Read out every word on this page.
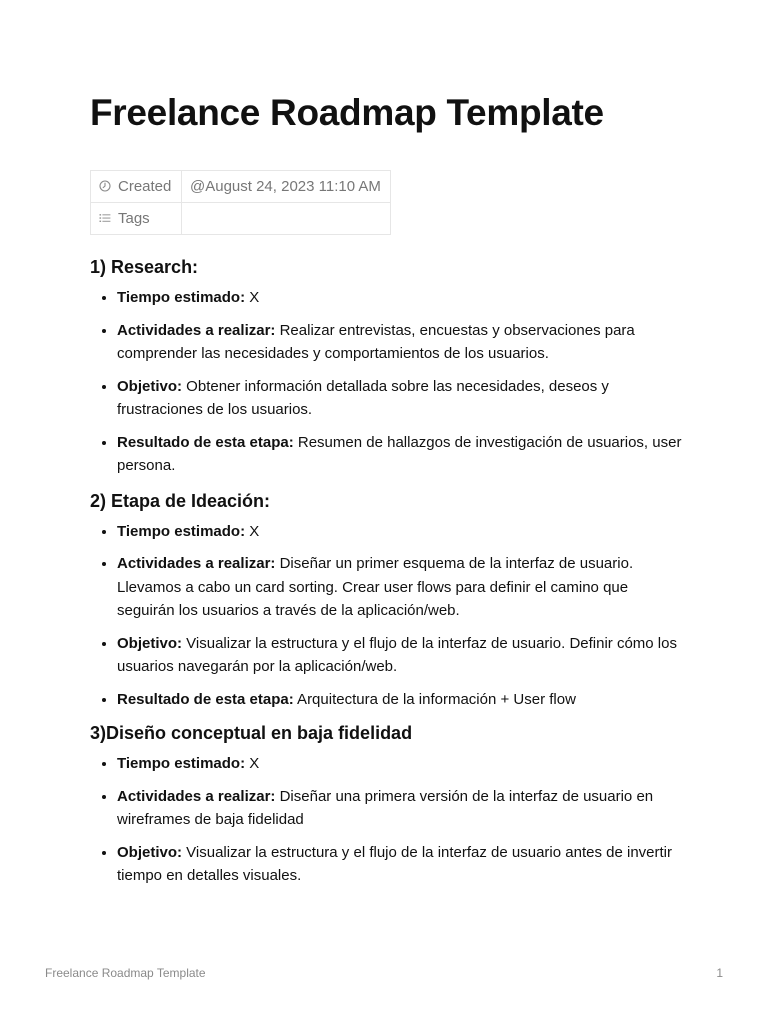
Freelance Roadmap Template
Created	@August 24, 2023 11:10 AM
Tags	
1) Research:
• Tiempo estimado: X
• Actividades a realizar: Realizar entrevistas, encuestas y observaciones para comprender las necesidades y comportamientos de los usuarios.
• Objetivo: Obtener información detallada sobre las necesidades, deseos y frustraciones de los usuarios.
• Resultado de esta etapa: Resumen de hallazgos de investigación de usuarios, user persona.
2) Etapa de Ideación:
• Tiempo estimado: X
• Actividades a realizar: Diseñar un primer esquema de la interfaz de usuario. Llevamos a cabo un card sorting. Crear user flows para definir el camino que seguirán los usuarios a través de la aplicación/web.
• Objetivo: Visualizar la estructura y el flujo de la interfaz de usuario. Definir cómo los usuarios navegarán por la aplicación/web.
• Resultado de esta etapa: Arquitectura de la información + User flow
3)Diseño conceptual en baja fidelidad
• Tiempo estimado: X
• Actividades a realizar: Diseñar una primera versión de la interfaz de usuario en wireframes de baja fidelidad
• Objetivo: Visualizar la estructura y el flujo de la interfaz de usuario antes de invertir tiempo en detalles visuales.
Freelance Roadmap Template	1
